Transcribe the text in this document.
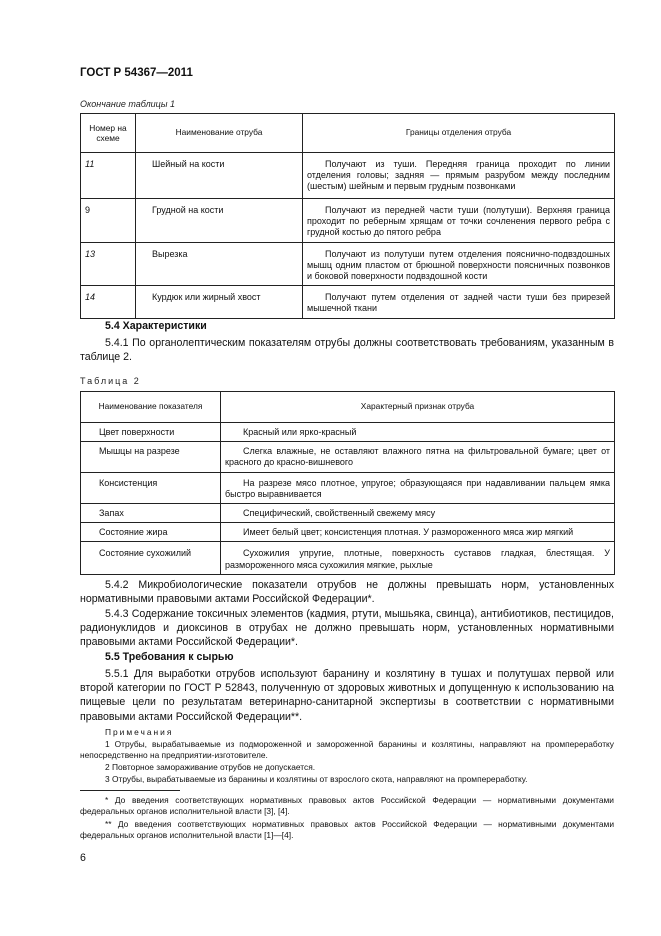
ГОСТ Р 54367—2011
Окончание таблицы 1
Номер на схеме	Наименование отруба	Границы отделения отруба
11	Шейный на кости	Получают из туши. Передняя граница проходит по линии отделения головы; задняя — прямым разрубом между последним (шестым) шейным и первым грудным позвонками
9	Грудной на кости	Получают из передней части туши (полутуши). Верхняя граница проходит по реберным хрящам от точки сочленения первого ребра с грудной костью до пятого ребра
13	Вырезка	Получают из полутуши путем отделения пояснично-подвздошных мышц одним пластом от брюшной поверхности поясничных позвонков и боковой поверхности подвздошной кости
14	Курдюк или жирный хвост	Получают путем отделения от задней части туши без прирезей мышечной ткани
5.4 Характеристики
5.4.1 По органолептическим показателям отрубы должны соответствовать требованиям, указанным в таблице 2.
Таблица 2
Наименование показателя	Характерный признак отруба
Цвет поверхности	Красный или ярко-красный
Мышцы на разрезе	Слегка влажные, не оставляют влажного пятна на фильтровальной бумаге; цвет от красного до красно-вишневого
Консистенция	На разрезе мясо плотное, упругое; образующаяся при надавливании пальцем ямка быстро выравнивается
Запах	Специфический, свойственный свежему мясу
Состояние жира	Имеет белый цвет; консистенция плотная. У размороженного мяса жир мягкий
Состояние сухожилий	Сухожилия упругие, плотные, поверхность суставов гладкая, блестящая. У размороженного мяса сухожилия мягкие, рыхлые
5.4.2 Микробиологические показатели отрубов не должны превышать норм, установленных нормативными правовыми актами Российской Федерации*.
5.4.3 Содержание токсичных элементов (кадмия, ртути, мышьяка, свинца), антибиотиков, пестицидов, радионуклидов и диоксинов в отрубах не должно превышать норм, установленных нормативными правовыми актами Российской Федерации*.
5.5 Требования к сырью
5.5.1 Для выработки отрубов используют баранину и козлятину в тушах и полутушах первой или второй категории по ГОСТ Р 52843, полученную от здоровых животных и допущенную к использованию на пищевые цели по результатам ветеринарно-санитарной экспертизы в соответствии с нормативными правовыми актами Российской Федерации**.
Примечания
1 Отрубы, вырабатываемые из подмороженной и замороженной баранины и козлятины, направляют на промпереработку непосредственно на предприятии-изготовителе.
2 Повторное замораживание отрубов не допускается.
3 Отрубы, вырабатываемые из баранины и козлятины от взрослого скота, направляют на промпереработку.
* До введения соответствующих нормативных правовых актов Российской Федерации — нормативными документами федеральных органов исполнительной власти [3], [4].
** До введения соответствующих нормативных правовых актов Российской Федерации — нормативными документами федеральных органов исполнительной власти [1]—[4].
6
